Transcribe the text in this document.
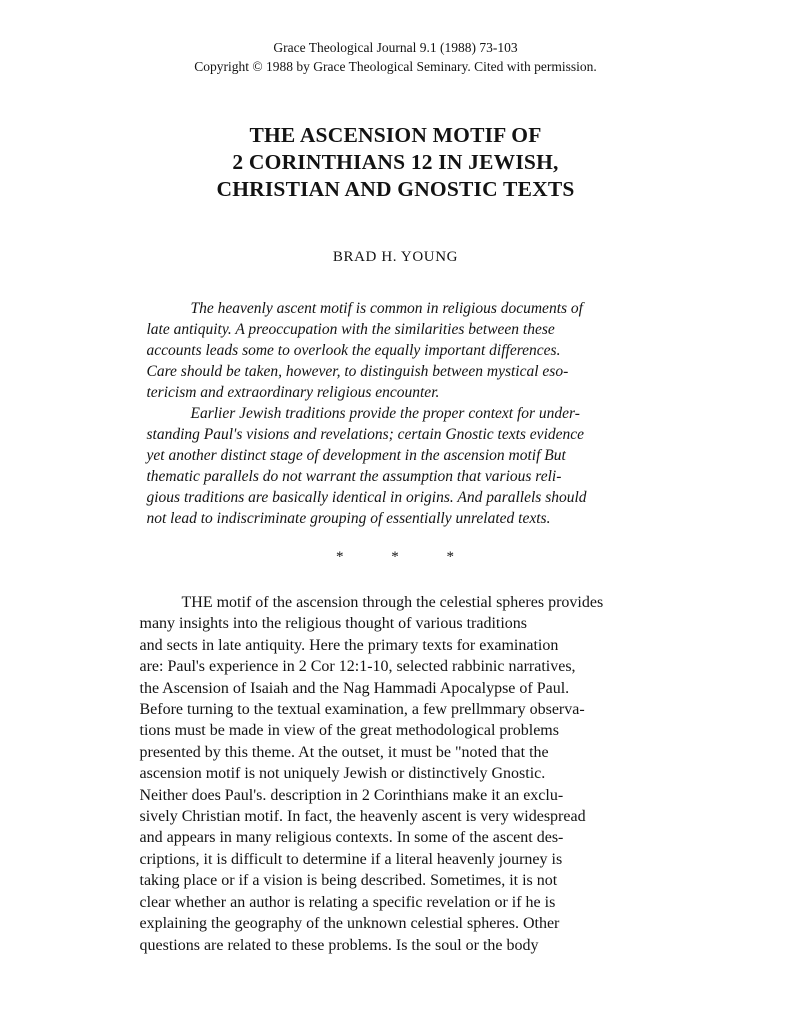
Grace Theological Journal 9.1 (1988) 73-103
Copyright © 1988 by Grace Theological Seminary. Cited with permission.
THE ASCENSION MOTIF OF
2 CORINTHIANS 12 IN JEWISH,
CHRISTIAN AND GNOSTIC TEXTS
BRAD H. YOUNG
The heavenly ascent motif is common in religious documents of
late antiquity. A preoccupation with the similarities between these
accounts leads some to overlook the equally important differences.
Care should be taken, however, to distinguish between mystical eso-
tericism and extraordinary religious encounter.
Earlier Jewish traditions provide the proper context for under-
standing Paul's visions and revelations; certain Gnostic texts evidence
yet another distinct stage of development in the ascension motif But
thematic parallels do not warrant the assumption that various reli-
gious traditions are basically identical in origins. And parallels should
not lead to indiscriminate grouping of essentially unrelated texts.
* * *
THE motif of the ascension through the celestial spheres provides
many insights into the religious thought of various traditions
and sects in late antiquity. Here the primary texts for examination
are: Paul's experience in 2 Cor 12:1-10, selected rabbinic narratives,
the Ascension of Isaiah and the Nag Hammadi Apocalypse of Paul.
Before turning to the textual examination, a few prellmmary observa-
tions must be made in view of the great methodological problems
presented by this theme. At the outset, it must be "noted that the
ascension motif is not uniquely Jewish or distinctively Gnostic.
Neither does Paul's. description in 2 Corinthians make it an exclu-
sively Christian motif. In fact, the heavenly ascent is very widespread
and appears in many religious contexts. In some of the ascent des-
criptions, it is difficult to determine if a literal heavenly journey is
taking place or if a vision is being described. Sometimes, it is not
clear whether an author is relating a specific revelation or if he is
explaining the geography of the unknown celestial spheres. Other
questions are related to these problems. Is the soul or the body
